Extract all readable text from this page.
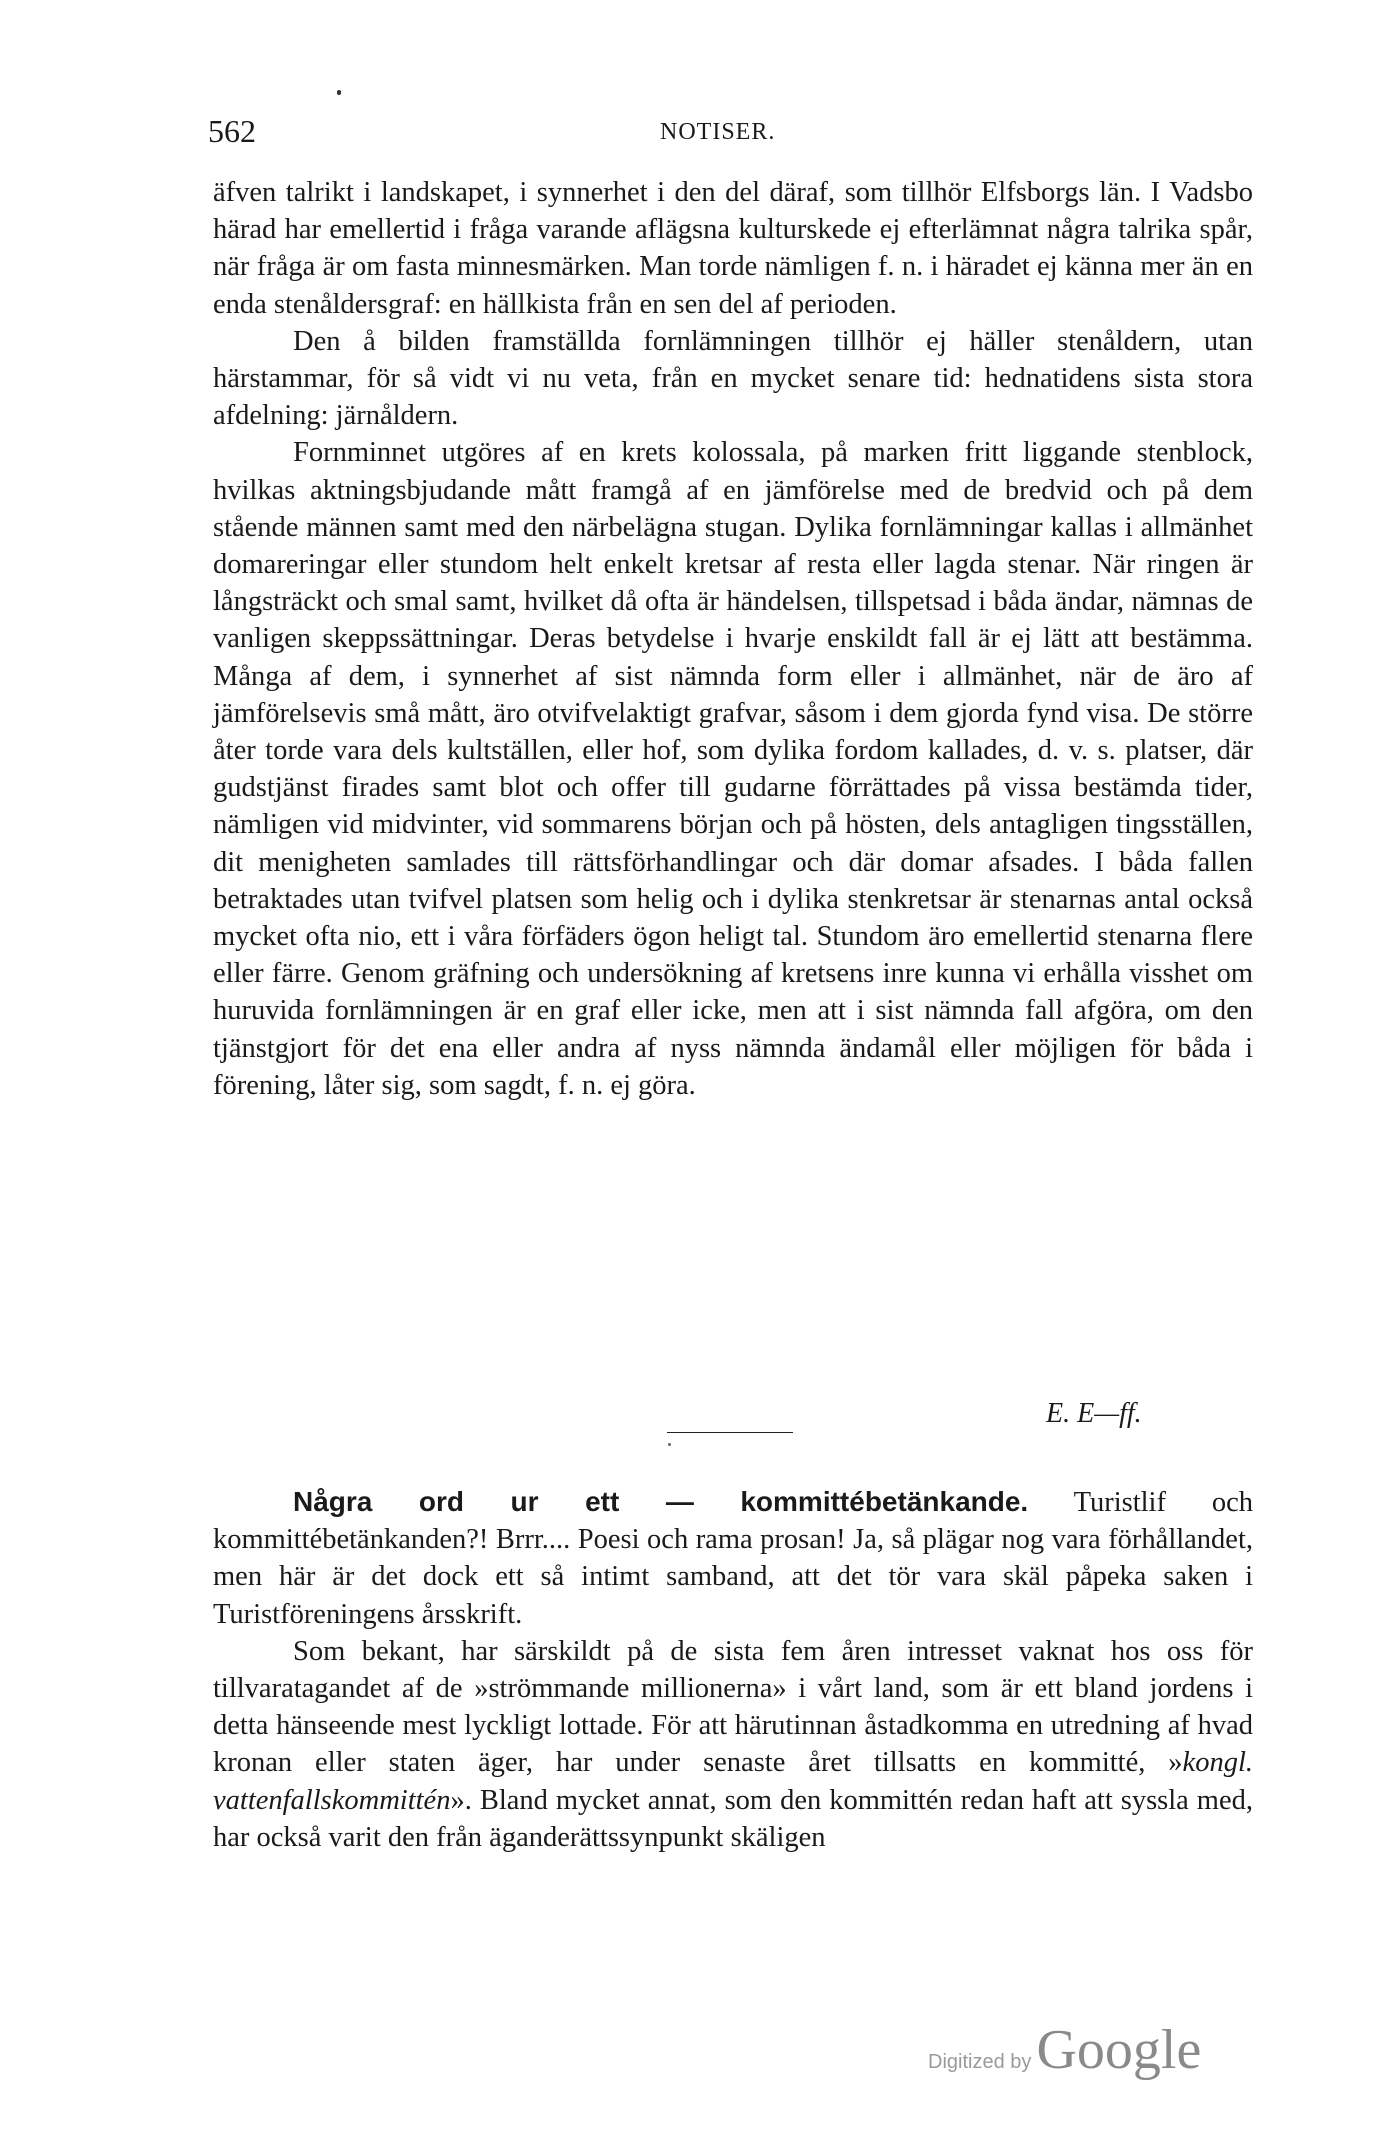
562	NOTISER.

äfven talrikt i landskapet, i synnerhet i den del däraf, som tillhör Elfsborgs län. I Vadsbo härad har emellertid i fråga varande aflägsna kulturskede ej efterlämnat några talrika spår, när fråga är om fasta minnesmärken. Man torde nämligen f. n. i häradet ej känna mer än en enda stenåldersgraf: en hällkista från en sen del af perioden.

Den å bilden framställda fornlämningen tillhör ej häller stenåldern, utan härstammar, för så vidt vi nu veta, från en mycket senare tid: hednatidens sista stora afdelning: järnåldern.

Fornminnet utgöres af en krets kolossala, på marken fritt liggande stenblock, hvilkas aktningsbjudande mått framgå af en jämförelse med de bredvid och på dem stående männen samt med den närbelägna stugan. Dylika fornlämningar kallas i allmänhet domareringar eller stundom helt enkelt kretsar af resta eller lagda stenar. När ringen är långsträckt och smal samt, hvilket då ofta är händelsen, tillspetsad i båda ändar, nämnas de vanligen skeppssättningar. Deras betydelse i hvarje enskildt fall är ej lätt att bestämma. Många af dem, i synnerhet af sist nämnda form eller i allmänhet, när de äro af jämförelsevis små mått, äro otvifvelaktigt grafvar, såsom i dem gjorda fynd visa. De större åter torde vara dels kultställen, eller hof, som dylika fordom kallades, d. v. s. platser, där gudstjänst firades samt blot och offer till gudarne förrättades på vissa bestämda tider, nämligen vid midvinter, vid sommarens början och på hösten, dels antagligen tingsställen, dit menigheten samlades till rättsförhandlingar och där domar afsades. I båda fallen betraktades utan tvifvel platsen som helig och i dylika stenkretsar är stenarnas antal också mycket ofta nio, ett i våra förfäders ögon heligt tal. Stundom äro emellertid stenarna flere eller färre. Genom gräfning och undersökning af kretsens inre kunna vi erhålla visshet om huruvida fornlämningen är en graf eller icke, men att i sist nämnda fall afgöra, om den tjänstgjort för det ena eller andra af nyss nämnda ändamål eller möjligen för båda i förening, låter sig, som sagdt, f. n. ej göra.

E. E—ff.

Några ord ur ett — kommittébetänkande. Turistlif och kommittébetänkanden?! Brrr.... Poesi och rama prosan! Ja, så plägar nog vara förhållandet, men här är det dock ett så intimt samband, att det tör vara skäl påpeka saken i Turistföreningens årsskrift.

Som bekant, har särskildt på de sista fem åren intresset vaknat hos oss för tillvaratagandet af de »strömmande millionerna» i vårt land, som är ett bland jordens i detta hänseende mest lyckligt lottade. För att härutinnan åstadkomma en utredning af hvad kronan eller staten äger, har under senaste året tillsatts en kommitté, »kongl. vattenfallskommittén». Bland mycket annat, som den kommittén redan haft att syssla med, har också varit den från äganderättssynpunkt skäligen

Digitized by Google
